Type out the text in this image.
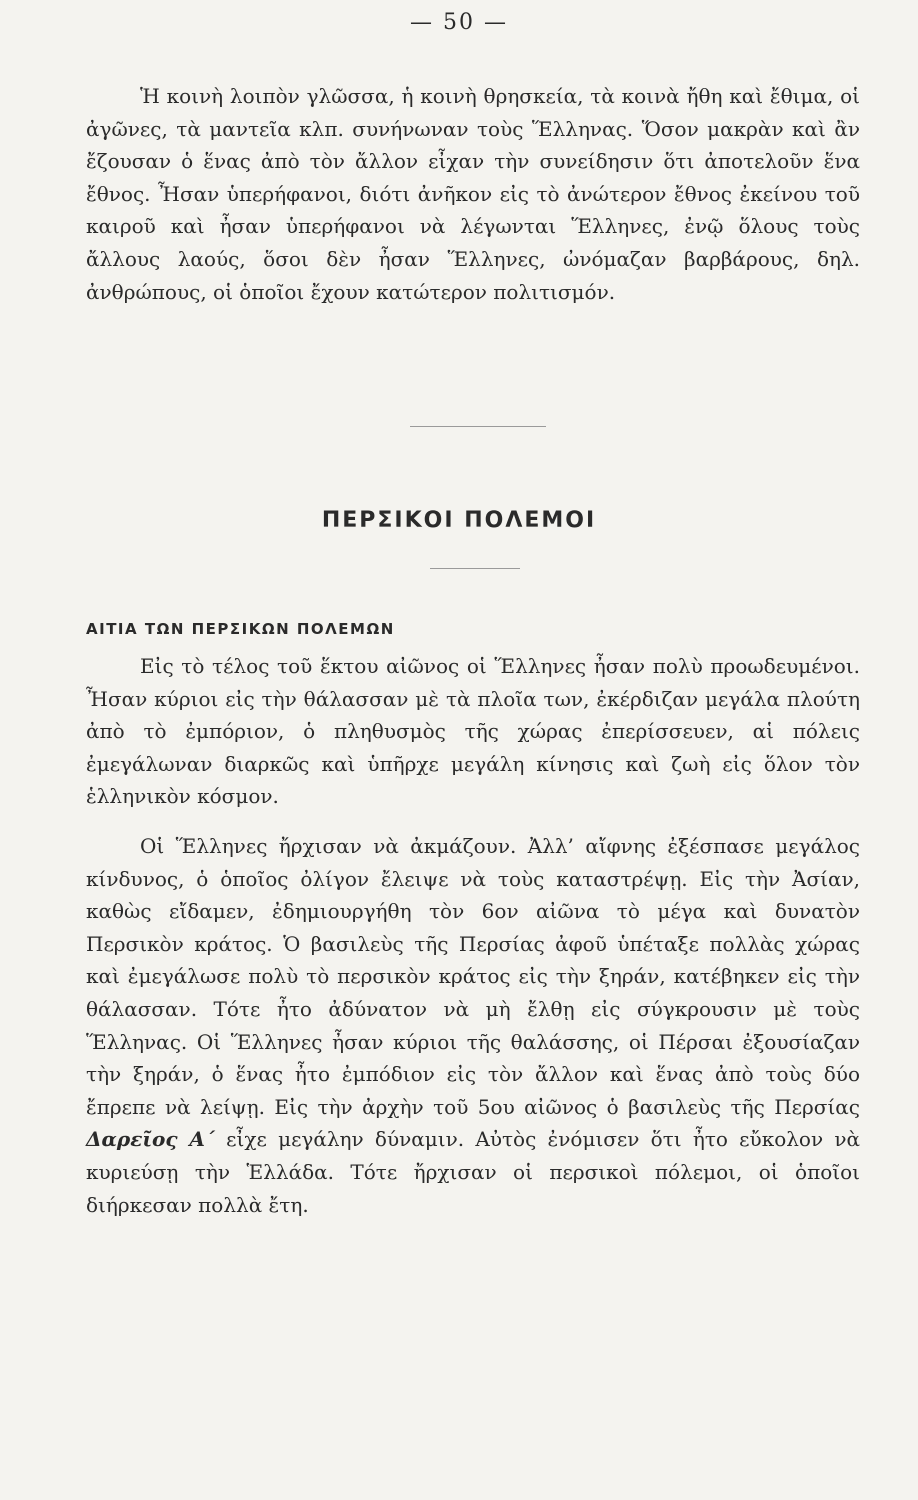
— 50 —

Ἡ κοινὴ λοιπὸν γλῶσσα, ἡ κοινὴ θρησκεία, τὰ κοινὰ ἤθη καὶ ἔθιμα, οἱ ἀγῶνες, τὰ μαντεῖα κλπ. συνήνωναν τοὺς Ἕλληνας. Ὅσον μακρὰν καὶ ἂν ἔζουσαν ὁ ἕνας ἀπὸ τὸν ἄλλον εἶχαν τὴν συνείδησιν ὅτι ἀποτελοῦν ἕνα ἔθνος. Ἦσαν ὑπερήφανοι, διότι ἀνῆκον εἰς τὸ ἀνώτερον ἔθνος ἐκείνου τοῦ καιροῦ καὶ ἦσαν ὑπερήφανοι νὰ λέγωνται Ἕλληνες, ἐνῷ ὅλους τοὺς ἄλλους λαούς, ὅσοι δὲν ἦσαν Ἕλληνες, ὠνόμαζαν βαρβάρους, δηλ. ἀνθρώπους, οἱ ὁποῖοι ἔχουν κατώτερον πολιτισμόν.

ΠΕΡΣΙΚΟΙ ΠΟΛΕΜΟΙ
ΑΙΤΙΑ ΤΩΝ ΠΕΡΣΙΚΩΝ ΠΟΛΕΜΩΝ

Εἰς τὸ τέλος τοῦ ἕκτου αἰῶνος οἱ Ἕλληνες ἦσαν πολὺ προωδευμένοι. Ἦσαν κύριοι εἰς τὴν θάλασσαν μὲ τὰ πλοῖα των, ἐκέρδιζαν μεγάλα πλούτη ἀπὸ τὸ ἐμπόριον, ὁ πληθυσμὸς τῆς χώρας ἐπερίσσευεν, αἱ πόλεις ἐμεγάλωναν διαρκῶς καὶ ὑπῆρχε μεγάλη κίνησις καὶ ζωὴ εἰς ὅλον τὸν ἑλληνικὸν κόσμον.

Οἱ Ἕλληνες ἤρχισαν νὰ ἀκμάζουν. Ἀλλ’ αἴφνης ἐξέσπασε μεγάλος κίνδυνος, ὁ ὁποῖος ὀλίγον ἔλειψε νὰ τοὺς καταστρέψῃ. Εἰς τὴν Ἀσίαν, καθὼς εἴδαμεν, ἐδημιουργήθη τὸν 6ον αἰῶνα τὸ μέγα καὶ δυνατὸν Περσικὸν κράτος. Ὁ βασιλεὺς τῆς Περσίας ἀφοῦ ὑπέταξε πολλὰς χώρας καὶ ἐμεγάλωσε πολὺ τὸ περσικὸν κράτος εἰς τὴν ξηράν, κατέβηκεν εἰς τὴν θάλασσαν. Τότε ἦτο ἀδύνατον νὰ μὴ ἔλθῃ εἰς σύγκρουσιν μὲ τοὺς Ἕλληνας. Οἱ Ἕλληνες ἦσαν κύριοι τῆς θαλάσσης, οἱ Πέρσαι ἐξουσίαζαν τὴν ξηράν, ὁ ἕνας ἦτο ἐμπόδιον εἰς τὸν ἄλλον καὶ ἕνας ἀπὸ τοὺς δύο ἔπρεπε νὰ λείψῃ. Εἰς τὴν ἀρχὴν τοῦ 5ου αἰῶνος ὁ βασιλεὺς τῆς Περσίας Δαρεῖος Α΄ εἶχε μεγάλην δύναμιν. Αὐτὸς ἐνόμισεν ὅτι ἦτο εὔκολον νὰ κυριεύσῃ τὴν Ἑλλάδα. Τότε ἤρχισαν οἱ περσικοὶ πόλεμοι, οἱ ὁποῖοι διήρκεσαν πολλὰ ἔτη.
